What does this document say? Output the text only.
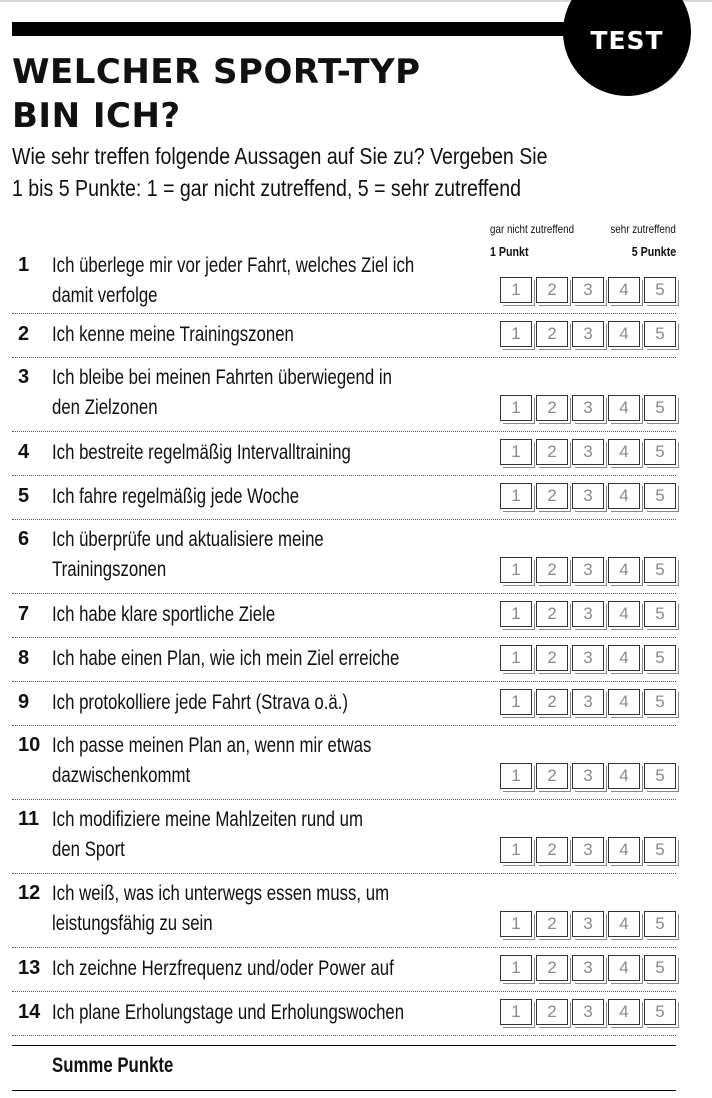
TEST
WELCHER SPORT-TYP
BIN ICH?
Wie sehr treffen folgende Aussagen auf Sie zu? Vergeben Sie
1 bis 5 Punkte: 1 = gar nicht zutreffend, 5 = sehr zutreffend
gar nicht zutreffend	sehr zutreffend
1 Punkt	5 Punkte
1 Ich überlege mir vor jeder Fahrt, welches Ziel ich
damit verfolge	1	2	3	4	5
2 Ich kenne meine Trainingszonen	1	2	3	4	5
3 Ich bleibe bei meinen Fahrten überwiegend in
den Zielzonen	1	2	3	4	5
4 Ich bestreite regelmäßig Intervalltraining	1	2	3	4	5
5 Ich fahre regelmäßig jede Woche	1	2	3	4	5
6 Ich überprüfe und aktualisiere meine
Trainingszonen	1	2	3	4	5
7 Ich habe klare sportliche Ziele	1	2	3	4	5
8 Ich habe einen Plan, wie ich mein Ziel erreiche	1	2	3	4	5
9 Ich protokolliere jede Fahrt (Strava o.ä.)	1	2	3	4	5
10 Ich passe meinen Plan an, wenn mir etwas
dazwischenkommt	1	2	3	4	5
11 Ich modifiziere meine Mahlzeiten rund um
den Sport	1	2	3	4	5
12 Ich weiß, was ich unterwegs essen muss, um
leistungsfähig zu sein	1	2	3	4	5
13 Ich zeichne Herzfrequenz und/oder Power auf	1	2	3	4	5
14 Ich plane Erholungstage und Erholungswochen	1	2	3	4	5
Summe Punkte
